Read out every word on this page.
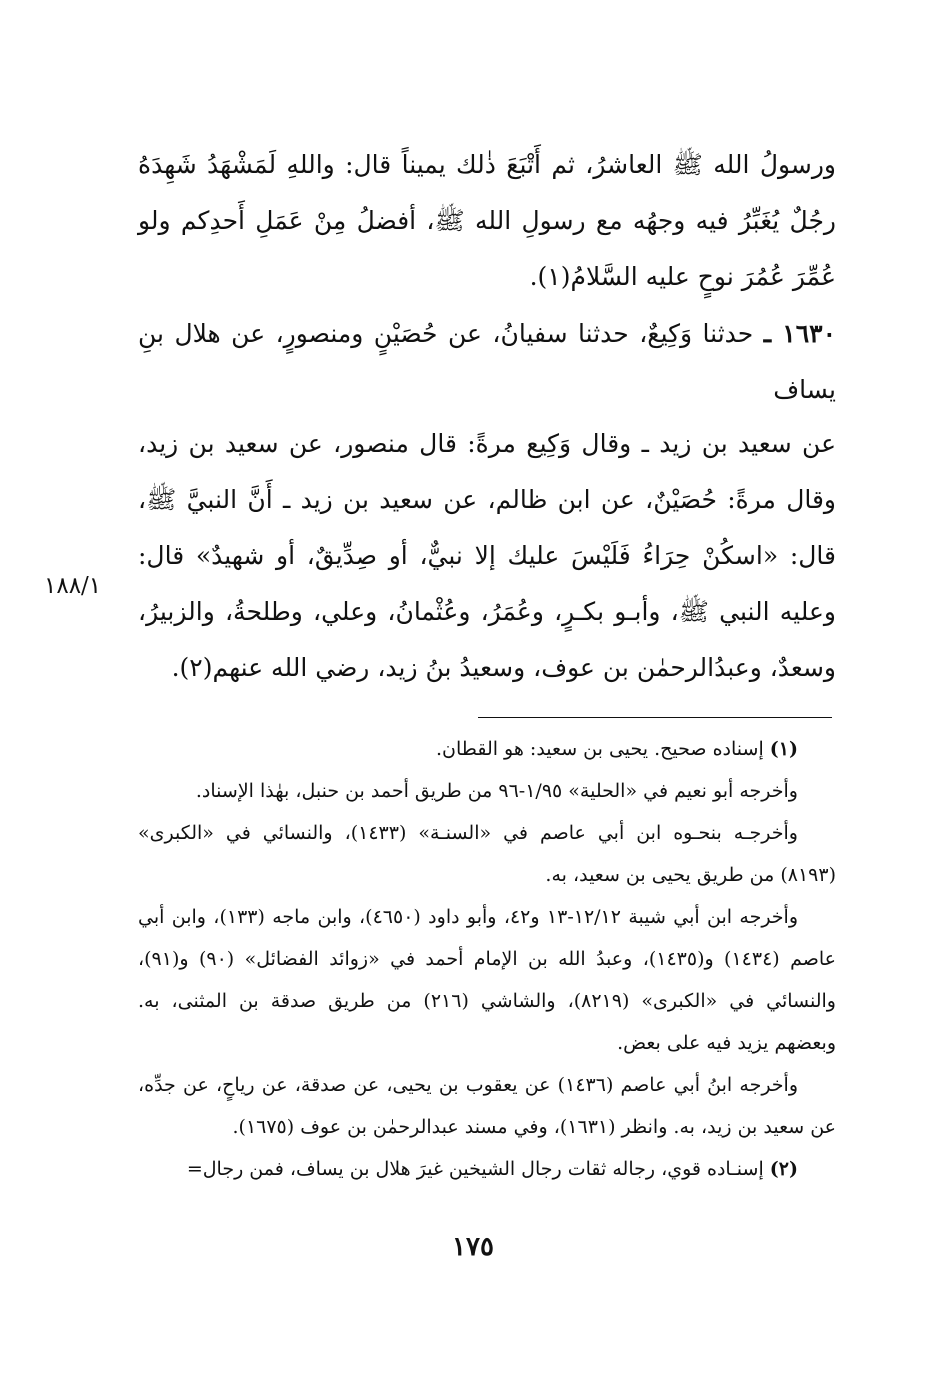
ورسولُ الله ﷺ العاشرُ، ثم أَتْبَعَ ذٰلك يميناً قال: واللهِ لَمَشْهَدُ شَهِدَهُ رجُلٌ يُغَبِّرُ فيه وجهُه مع رسولِ الله ﷺ، أفضلُ مِنْ عَمَلِ أَحدِكم ولو عُمِّرَ عُمُرَ نوحٍ عليه السَّلامُ(١).
١٦٣٠ ـ حدثنا وَكِيعٌ، حدثنا سفيانُ، عن حُصَيْنٍ ومنصورٍ، عن هلال بنِ يساف
عن سعيد بن زيد ـ وقال وَكِيع مرةً: قال منصور، عن سعيد بن زيد، وقال مرةً: حُصَيْنٌ، عن ابن ظالم، عن سعيد بن زيد ـ أَنَّ النبيَّ ﷺ، قال: «اسكُنْ حِرَاءُ فَلَيْسَ عليك إلا نبيٌّ، أو صِدِّيقٌ، أو شهيدٌ» قال: وعليه النبي ﷺ، وأبـو بكـرٍ، وعُمَرُ، وعُثْمانُ، وعلي، وطلحةُ، والزبيرُ، وسعدٌ، وعبدُالرحمٰن بن عوف، وسعيدُ بنُ زيد، رضي الله عنهم(٢).
١٨٨/١

(١) إسناده صحيح. يحيى بن سعيد: هو القطان.

وأخرجه أبو نعيم في «الحلية» ١/٩٥-٩٦ من طريق أحمد بن حنبل، بهٰذا الإسناد.

وأخرجـه بنحـوه ابن أبي عاصم في «السنـة» (١٤٣٣)، والنسائي في «الكبرى» (٨١٩٣) من طريق يحيى بن سعيد، به.

وأخرجه ابن أبي شيبة ١٢/١٢-١٣ و٤٢، وأبو داود (٤٦٥٠)، وابن ماجه (١٣٣)، وابن أبي عاصم (١٤٣٤) و(١٤٣٥)، وعبدُ الله بن الإمام أحمد في «زوائد الفضائل» (٩٠) و(٩١)، والنسائي في «الكبرى» (٨٢١٩)، والشاشي (٢١٦) من طريق صدقة بن المثنى، به. وبعضهم يزيد فيه على بعض.

وأخرجه ابنُ أبي عاصم (١٤٣٦) عن يعقوب بن يحيى، عن صدقة، عن رياحٍ، عن جدِّه، عن سعيد بن زيد، به. وانظر (١٦٣١)، وفي مسند عبدالرحمٰن بن عوف (١٦٧٥).

(٢) إسنـاده قوي، رجاله ثقات رجال الشيخين غيرَ هلال بن يساف، فمن رجال=

١٧٥
